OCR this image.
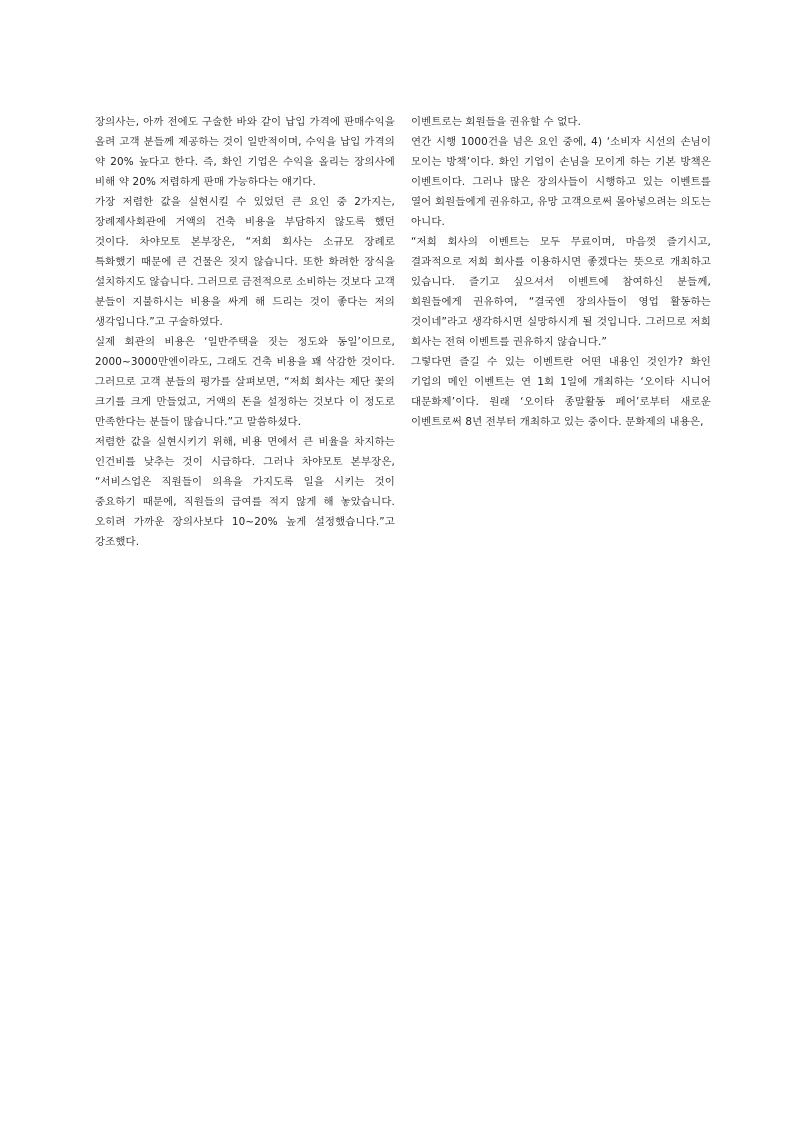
장의사는, 아까 전에도 구술한 바와 같이 납입 가격에 판매수익을 올려 고객 분들께 제공하는 것이 일반적이며, 수익을 납입 가격의 약 20% 높다고 한다. 즉, 화인 기업은 수익을 올리는 장의사에 비해 약 20% 저렴하게 판매 가능하다는 얘기다.

가장 저렴한 값을 실현시킬 수 있었던 큰 요인 중 2가지는, 장례제사회관에 거액의 건축 비용을 부담하지 않도록 했던 것이다. 차야모토 본부장은, “저희 회사는 소규모 장례로 특화했기 때문에 큰 건물은 짓지 않습니다. 또한 화려한 장식을 설치하지도 않습니다. 그러므로 금전적으로 소비하는 것보다 고객 분들이 지불하시는 비용을 싸게 해 드리는 것이 좋다는 저의 생각입니다.”고 구술하였다.

실제 회관의 비용은 ‘일반주택을 짓는 정도와 동일’이므로, 2000~3000만엔이라도, 그래도 건축 비용을 꽤 삭감한 것이다. 그러므로 고객 분들의 평가를 살펴보면, “저희 회사는 제단 꽃의 크기를 크게 만들었고, 거액의 돈을 설정하는 것보다 이 정도로 만족한다는 분들이 많습니다.”고 말씀하셨다.

저렴한 값을 실현시키기 위해, 비용 면에서 큰 비율을 차지하는 인건비를 낮추는 것이 시급하다. 그러나 차야모토 본부장은, “서비스업은 직원들이 의욕을 가지도록 일을 시키는 것이 중요하기 때문에, 직원들의 급여를 적지 않게 해 놓았습니다. 오히려 가까운 장의사보다 10~20% 높게 설정했습니다.”고 강조했다.

이벤트로는 회원들을 권유할 수 없다.

연간 시행 1000건을 넘은 요인 중에, 4) ‘소비자 시선의 손님이 모이는 방책’이다. 화인 기업이 손님을 모이게 하는 기본 방책은 이벤트이다. 그러나 많은 장의사들이 시행하고 있는 이벤트를 열어 회원들에게 권유하고, 유망 고객으로써 몰아넣으려는 의도는 아니다.

“저희 회사의 이벤트는 모두 무료이며, 마음껏 즐기시고, 결과적으로 저희 회사를 이용하시면 좋겠다는 뜻으로 개최하고 있습니다. 즐기고 싶으셔서 이벤트에 참여하신 분들께, 회원들에게 권유하여, “결국엔 장의사들이 영업 활동하는 것이네”라고 생각하시면 실망하시게 될 것입니다. 그러므로 저희 회사는 전혀 이벤트를 권유하지 않습니다.”

그렇다면 즐길 수 있는 이벤트란 어떤 내용인 것인가? 화인 기업의 메인 이벤트는 연 1회 1일에 개최하는 ‘오이타 시니어 대문화제’이다. 원래 ‘오이타 종말활동 페어’로부터 새로운 이벤트로써 8년 전부터 개최하고 있는 중이다. 문화제의 내용은,
